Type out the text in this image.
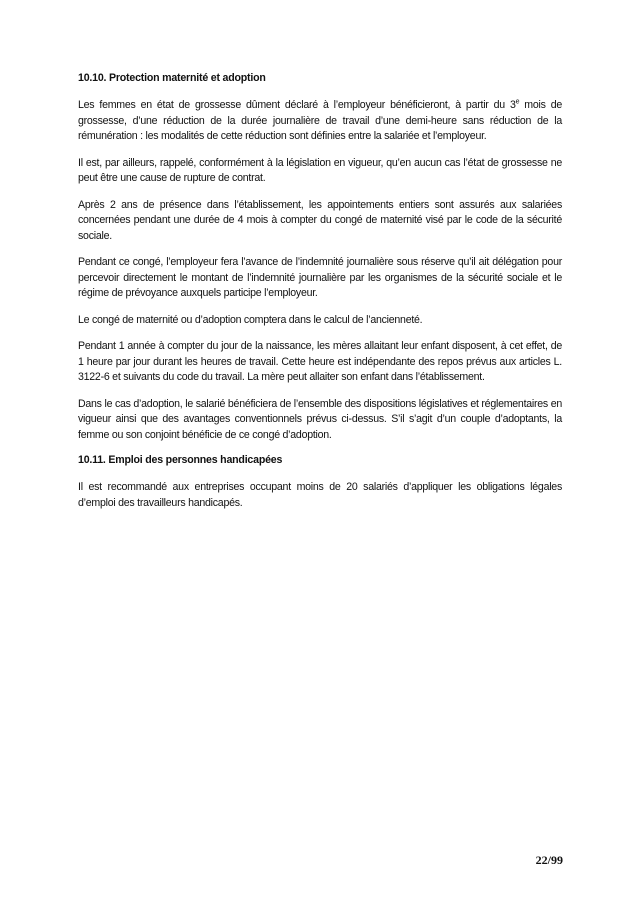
10.10. Protection maternité et adoption

Les femmes en état de grossesse dûment déclaré à l’employeur bénéficieront, à partir du 3e mois de grossesse, d’une réduction de la durée journalière de travail d’une demi-heure sans réduction de la rémunération : les modalités de cette réduction sont définies entre la salariée et l’employeur.

Il est, par ailleurs, rappelé, conformément à la législation en vigueur, qu’en aucun cas l’état de grossesse ne peut être une cause de rupture de contrat.

Après 2 ans de présence dans l’établissement, les appointements entiers sont assurés aux salariées concernées pendant une durée de 4 mois à compter du congé de maternité visé par le code de la sécurité sociale.

Pendant ce congé, l’employeur fera l’avance de l’indemnité journalière sous réserve qu’il ait délégation pour percevoir directement le montant de l’indemnité journalière par les organismes de la sécurité sociale et le régime de prévoyance auxquels participe l’employeur.

Le congé de maternité ou d’adoption comptera dans le calcul de l’ancienneté.

Pendant 1 année à compter du jour de la naissance, les mères allaitant leur enfant disposent, à cet effet, de 1 heure par jour durant les heures de travail. Cette heure est indépendante des repos prévus aux articles L. 3122-6 et suivants du code du travail. La mère peut allaiter son enfant dans l’établissement.

Dans le cas d’adoption, le salarié bénéficiera de l’ensemble des dispositions législatives et réglementaires en vigueur ainsi que des avantages conventionnels prévus ci-dessus. S’il s’agit d’un couple d’adoptants, la femme ou son conjoint bénéficie de ce congé d’adoption.

10.11. Emploi des personnes handicapées

Il est recommandé aux entreprises occupant moins de 20 salariés d’appliquer les obligations légales d’emploi des travailleurs handicapés.

22/99
